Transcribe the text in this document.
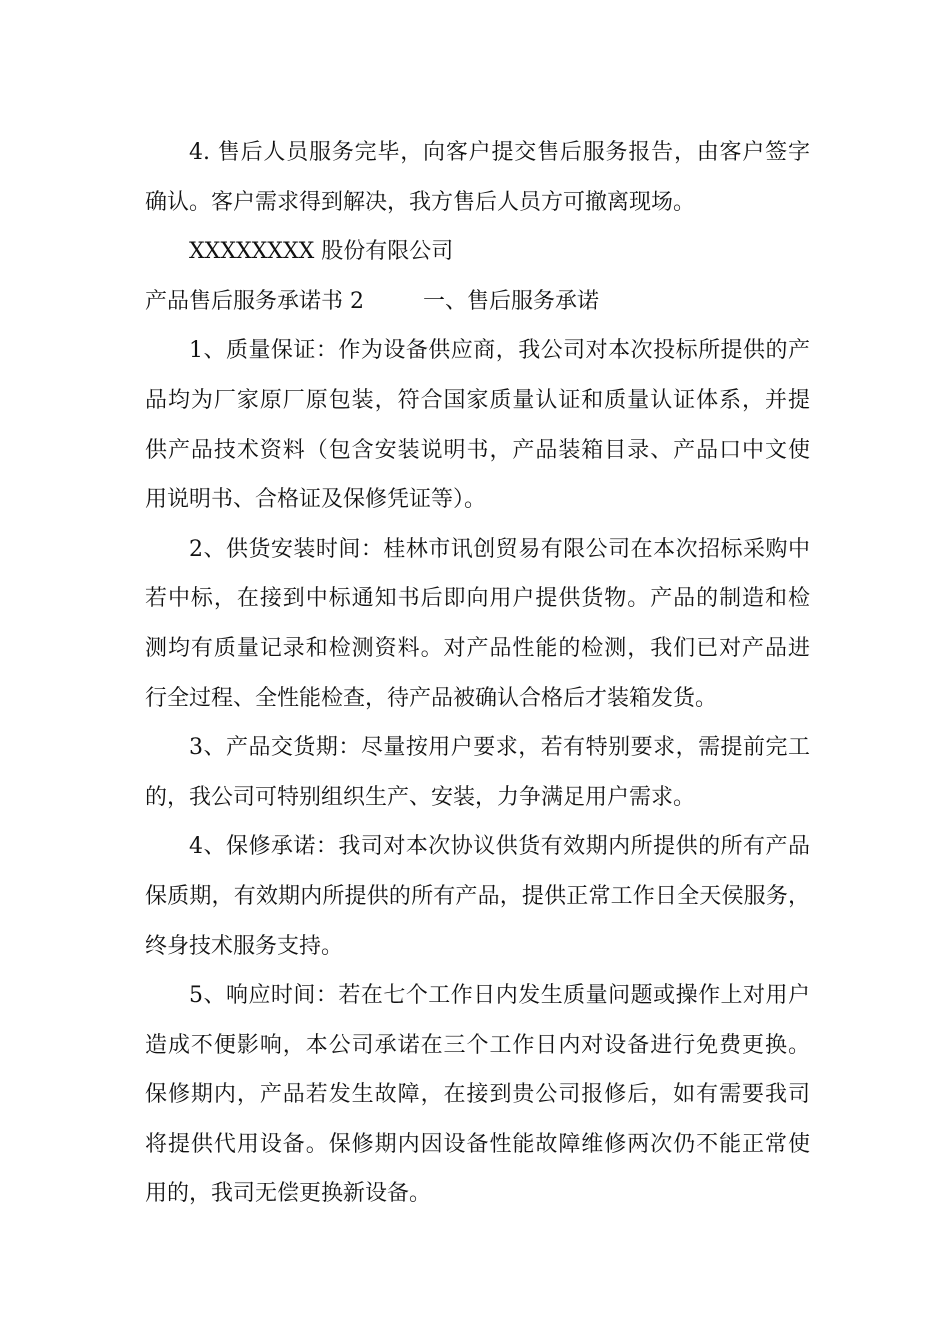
4. 售后人员服务完毕，向客户提交售后服务报告，由客户签字
确认。客户需求得到解决，我方售后人员方可撤离现场。
XXXXXXXX 股份有限公司
产品售后服务承诺书 2	一、售后服务承诺
1、质量保证：作为设备供应商，我公司对本次投标所提供的产
品均为厂家原厂原包装，符合国家质量认证和质量认证体系，并提
供产品技术资料（包含安装说明书，产品装箱目录、产品口中文使
用说明书、合格证及保修凭证等）。
2、供货安装时间：桂林市讯创贸易有限公司在本次招标采购中
若中标，在接到中标通知书后即向用户提供货物。产品的制造和检
测均有质量记录和检测资料。对产品性能的检测，我们已对产品进
行全过程、全性能检查，待产品被确认合格后才装箱发货。
3、产品交货期：尽量按用户要求，若有特别要求，需提前完工
的，我公司可特别组织生产、安装，力争满足用户需求。
4、保修承诺：我司对本次协议供货有效期内所提供的所有产品
保质期，有效期内所提供的所有产品，提供正常工作日全天侯服务，
终身技术服务支持。
5、响应时间：若在七个工作日内发生质量问题或操作上对用户
造成不便影响，本公司承诺在三个工作日内对设备进行免费更换。
保修期内，产品若发生故障，在接到贵公司报修后，如有需要我司
将提供代用设备。保修期内因设备性能故障维修两次仍不能正常使
用的，我司无偿更换新设备。
